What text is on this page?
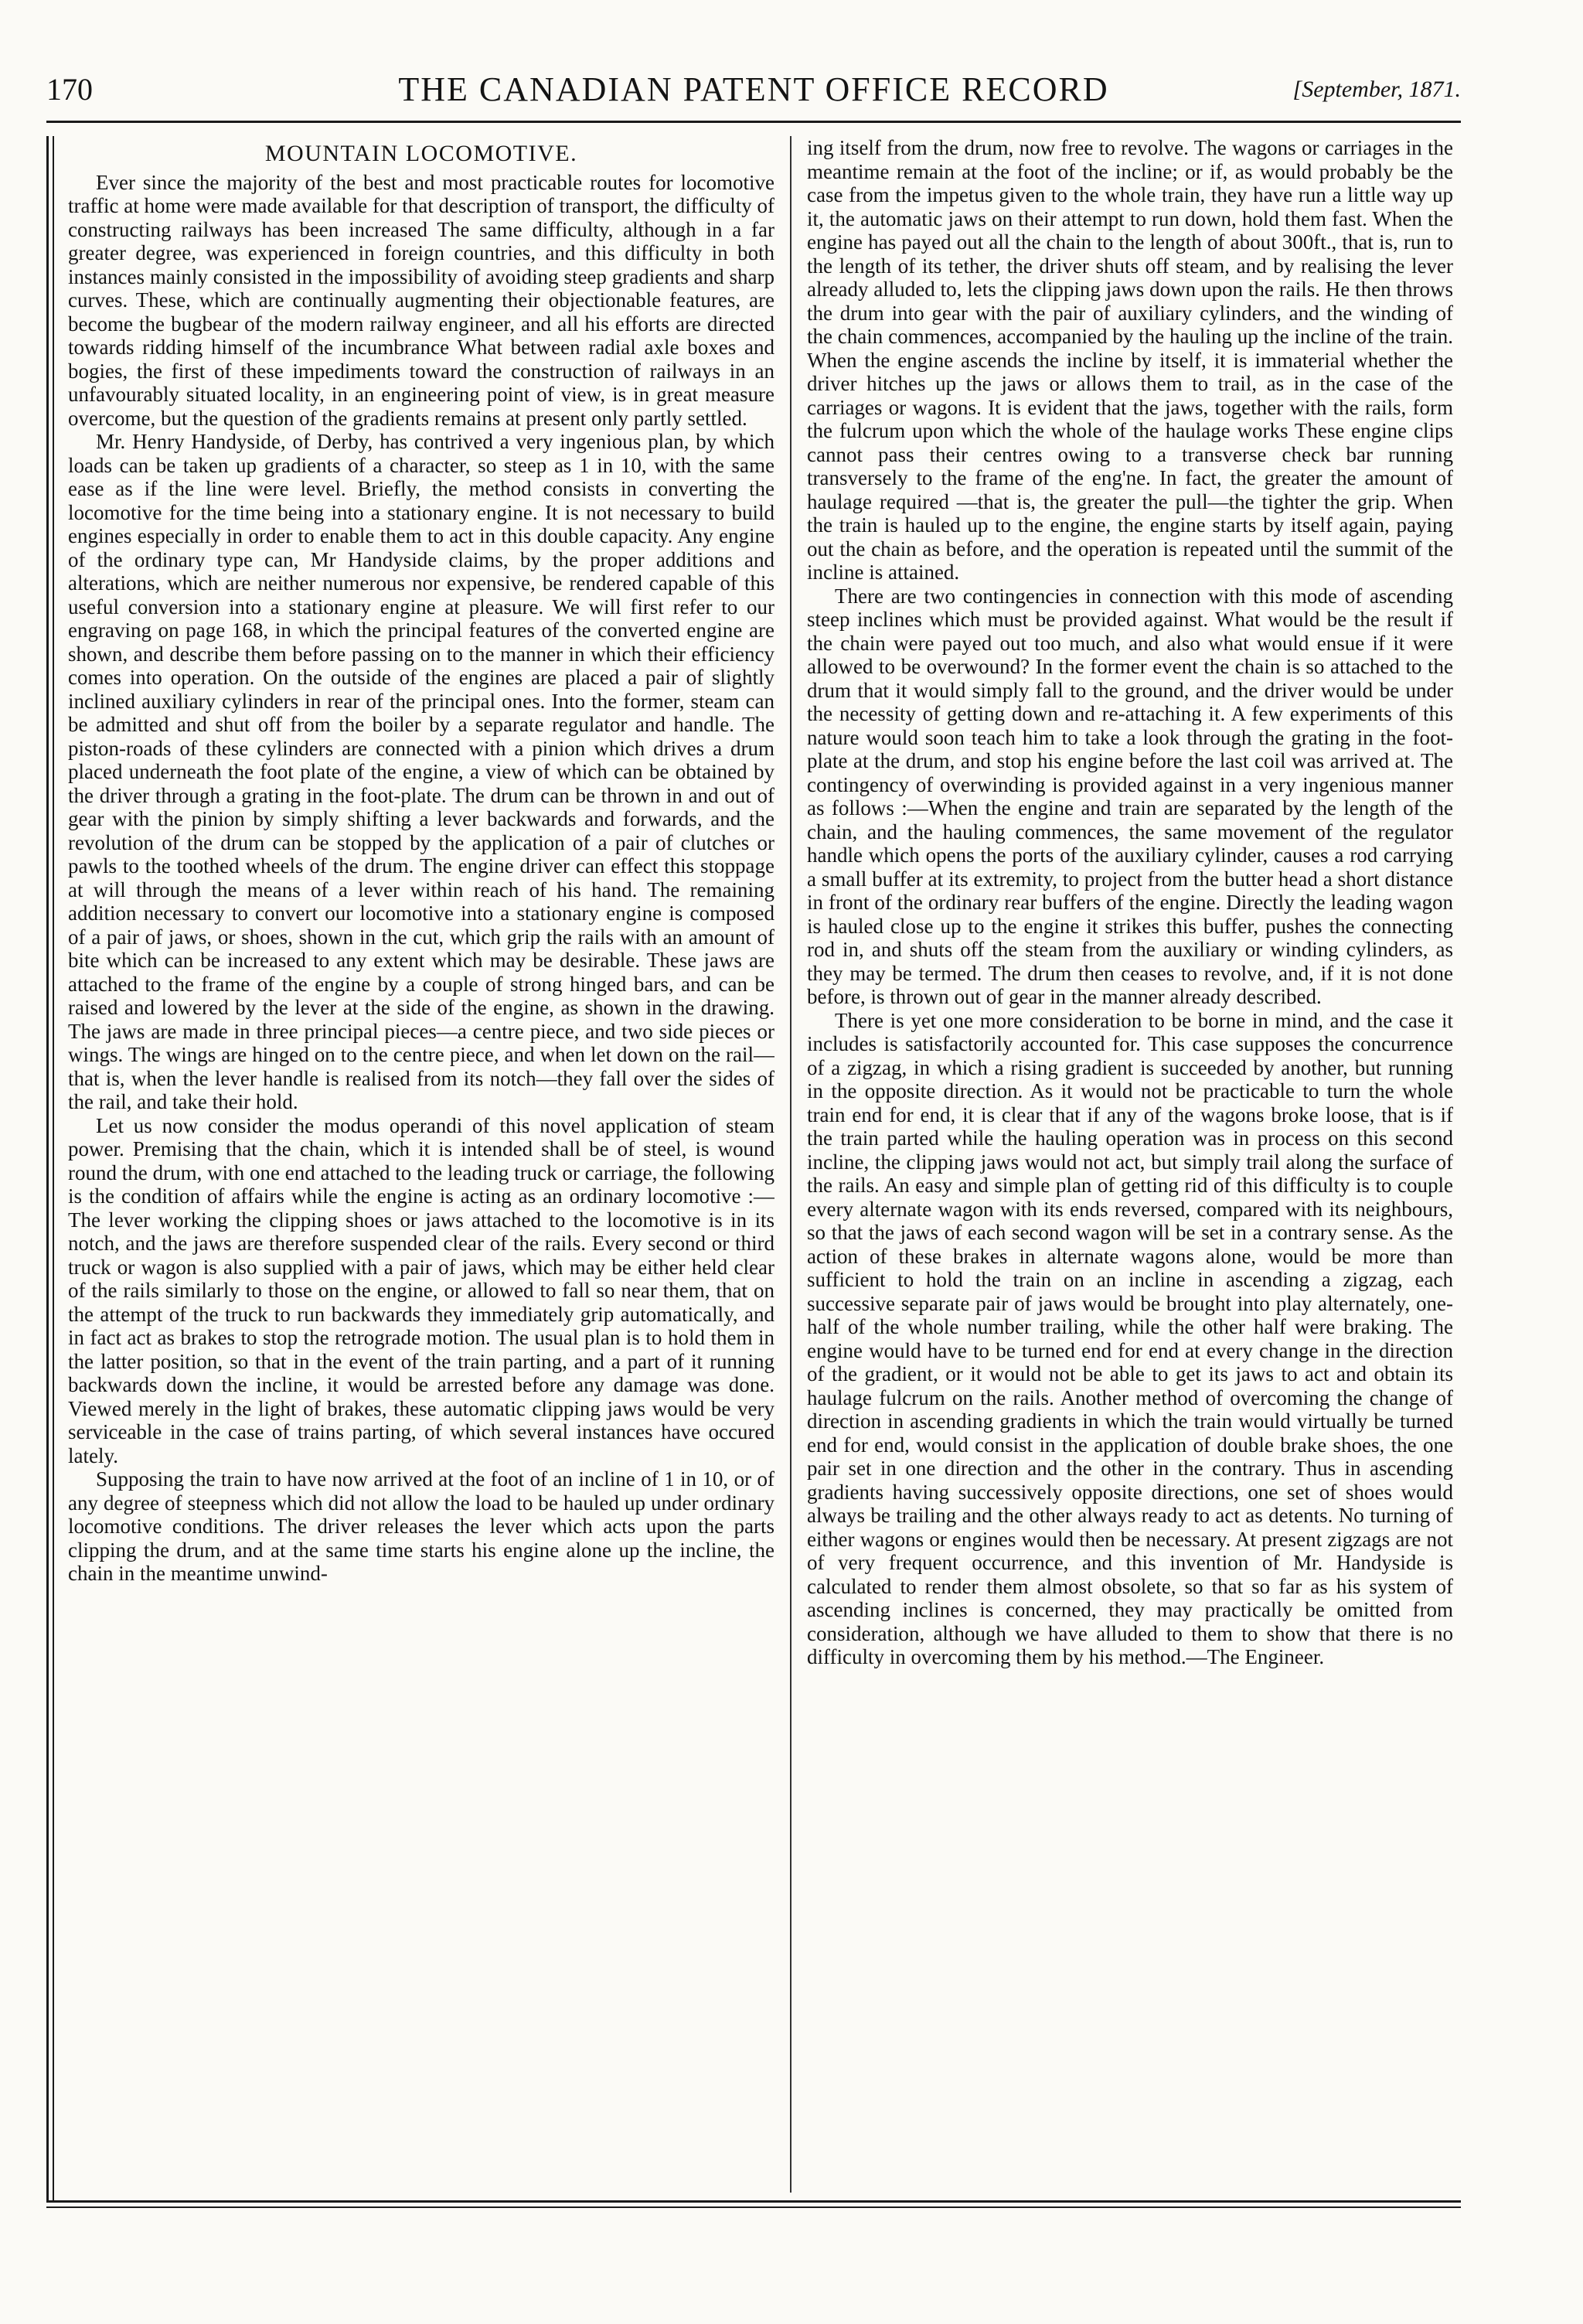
170	THE CANADIAN PATENT OFFICE RECORD	[September, 1871.
MOUNTAIN LOCOMOTIVE.

Ever since the majority of the best and most practicable routes for locomotive traffic at home were made available for that description of transport, the difficulty of constructing railways has been increased The same difficulty, although in a far greater degree, was experienced in foreign countries, and this difficulty in both instances mainly consisted in the impossibility of avoiding steep gradients and sharp curves. These, which are continually augmenting their objectionable features, are become the bugbear of the modern railway engineer, and all his efforts are directed towards ridding himself of the incumbrance What between radial axle boxes and bogies, the first of these impediments toward the construction of railways in an unfavourably situated locality, in an engineering point of view, is in great measure overcome, but the question of the gradients remains at present only partly settled.

Mr. Henry Handyside, of Derby, has contrived a very ingenious plan, by which loads can be taken up gradients of a character, so steep as 1 in 10, with the same ease as if the line were level. Briefly, the method consists in converting the locomotive for the time being into a stationary engine. It is not necessary to build engines especially in order to enable them to act in this double capacity. Any engine of the ordinary type can, Mr Handyside claims, by the proper additions and alterations, which are neither numerous nor expensive, be rendered capable of this useful conversion into a stationary engine at pleasure. We will first refer to our engraving on page 168, in which the principal features of the converted engine are shown, and describe them before passing on to the manner in which their efficiency comes into operation. On the outside of the engines are placed a pair of slightly inclined auxiliary cylinders in rear of the principal ones. Into the former, steam can be admitted and shut off from the boiler by a separate regulator and handle. The piston-roads of these cylinders are connected with a pinion which drives a drum placed underneath the foot plate of the engine, a view of which can be obtained by the driver through a grating in the foot-plate. The drum can be thrown in and out of gear with the pinion by simply shifting a lever backwards and forwards, and the revolution of the drum can be stopped by the application of a pair of clutches or pawls to the toothed wheels of the drum. The engine driver can effect this stoppage at will through the means of a lever within reach of his hand. The remaining addition necessary to convert our locomotive into a stationary engine is composed of a pair of jaws, or shoes, shown in the cut, which grip the rails with an amount of bite which can be increased to any extent which may be desirable. These jaws are attached to the frame of the engine by a couple of strong hinged bars, and can be raised and lowered by the lever at the side of the engine, as shown in the drawing. The jaws are made in three principal pieces—a centre piece, and two side pieces or wings. The wings are hinged on to the centre piece, and when let down on the rail—that is, when the lever handle is realised from its notch—they fall over the sides of the rail, and take their hold.

Let us now consider the modus operandi of this novel application of steam power. Premising that the chain, which it is intended shall be of steel, is wound round the drum, with one end attached to the leading truck or carriage, the following is the condition of affairs while the engine is acting as an ordinary locomotive :—The lever working the clipping shoes or jaws attached to the locomotive is in its notch, and the jaws are therefore suspended clear of the rails. Every second or third truck or wagon is also supplied with a pair of jaws, which may be either held clear of the rails similarly to those on the engine, or allowed to fall so near them, that on the attempt of the truck to run backwards they immediately grip automatically, and in fact act as brakes to stop the retrograde motion. The usual plan is to hold them in the latter position, so that in the event of the train parting, and a part of it running backwards down the incline, it would be arrested before any damage was done. Viewed merely in the light of brakes, these automatic clipping jaws would be very serviceable in the case of trains parting, of which several instances have occured lately.

Supposing the train to have now arrived at the foot of an incline of 1 in 10, or of any degree of steepness which did not allow the load to be hauled up under ordinary locomotive conditions. The driver releases the lever which acts upon the parts clipping the drum, and at the same time starts his engine alone up the incline, the chain in the meantime unwind-

ing itself from the drum, now free to revolve. The wagons or carriages in the meantime remain at the foot of the incline; or if, as would probably be the case from the impetus given to the whole train, they have run a little way up it, the automatic jaws on their attempt to run down, hold them fast. When the engine has payed out all the chain to the length of about 300ft., that is, run to the length of its tether, the driver shuts off steam, and by realising the lever already alluded to, lets the clipping jaws down upon the rails. He then throws the drum into gear with the pair of auxiliary cylinders, and the winding of the chain commences, accompanied by the hauling up the incline of the train. When the engine ascends the incline by itself, it is immaterial whether the driver hitches up the jaws or allows them to trail, as in the case of the carriages or wagons. It is evident that the jaws, together with the rails, form the fulcrum upon which the whole of the haulage works These engine clips cannot pass their centres owing to a transverse check bar running transversely to the frame of the eng'ne. In fact, the greater the amount of haulage required —that is, the greater the pull—the tighter the grip. When the train is hauled up to the engine, the engine starts by itself again, paying out the chain as before, and the operation is repeated until the summit of the incline is attained.

There are two contingencies in connection with this mode of ascending steep inclines which must be provided against. What would be the result if the chain were payed out too much, and also what would ensue if it were allowed to be overwound? In the former event the chain is so attached to the drum that it would simply fall to the ground, and the driver would be under the necessity of getting down and re-attaching it. A few experiments of this nature would soon teach him to take a look through the grating in the foot-plate at the drum, and stop his engine before the last coil was arrived at. The contingency of overwinding is provided against in a very ingenious manner as follows :—When the engine and train are separated by the length of the chain, and the hauling commences, the same movement of the regulator handle which opens the ports of the auxiliary cylinder, causes a rod carrying a small buffer at its extremity, to project from the butter head a short distance in front of the ordinary rear buffers of the engine. Directly the leading wagon is hauled close up to the engine it strikes this buffer, pushes the connecting rod in, and shuts off the steam from the auxiliary or winding cylinders, as they may be termed. The drum then ceases to revolve, and, if it is not done before, is thrown out of gear in the manner already described.

There is yet one more consideration to be borne in mind, and the case it includes is satisfactorily accounted for. This case supposes the concurrence of a zigzag, in which a rising gradient is succeeded by another, but running in the opposite direction. As it would not be practicable to turn the whole train end for end, it is clear that if any of the wagons broke loose, that is if the train parted while the hauling operation was in process on this second incline, the clipping jaws would not act, but simply trail along the surface of the rails. An easy and simple plan of getting rid of this difficulty is to couple every alternate wagon with its ends reversed, compared with its neighbours, so that the jaws of each second wagon will be set in a contrary sense. As the action of these brakes in alternate wagons alone, would be more than sufficient to hold the train on an incline in ascending a zigzag, each successive separate pair of jaws would be brought into play alternately, one-half of the whole number trailing, while the other half were braking. The engine would have to be turned end for end at every change in the direction of the gradient, or it would not be able to get its jaws to act and obtain its haulage fulcrum on the rails. Another method of overcoming the change of direction in ascending gradients in which the train would virtually be turned end for end, would consist in the application of double brake shoes, the one pair set in one direction and the other in the contrary. Thus in ascending gradients having successively opposite directions, one set of shoes would always be trailing and the other always ready to act as detents. No turning of either wagons or engines would then be necessary. At present zigzags are not of very frequent occurrence, and this invention of Mr. Handyside is calculated to render them almost obsolete, so that so far as his system of ascending inclines is concerned, they may practically be omitted from consideration, although we have alluded to them to show that there is no difficulty in overcoming them by his method.—The Engineer.
